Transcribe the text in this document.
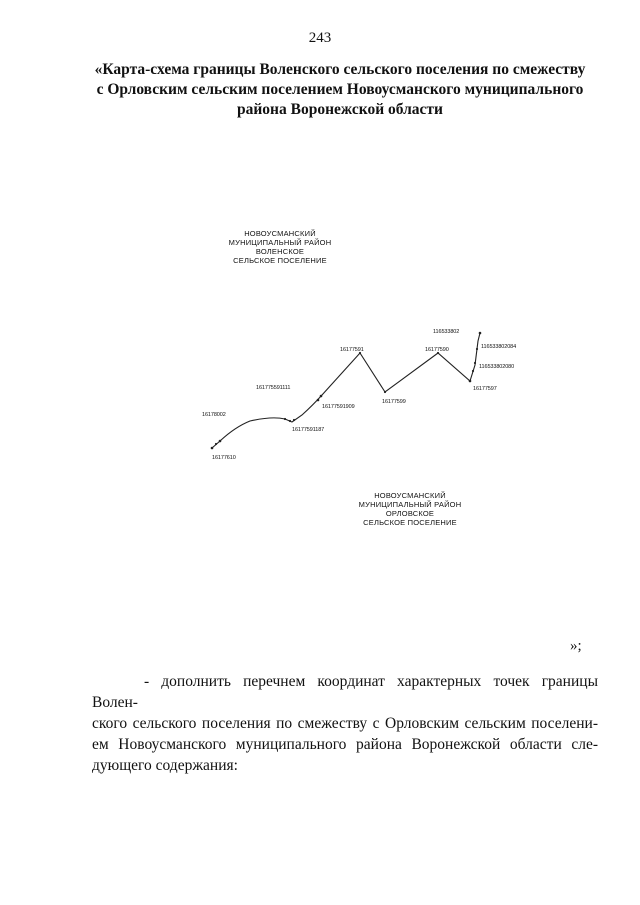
243
«Карта-схема границы Воленского сельского поселения по смежеству
с Орловским сельским поселением Новоусманского муниципального
района Воронежской области
НОВОУСМАНСКИЙ
МУНИЦИПАЛЬНЫЙ РАЙОН
ВОЛЕНСКОЕ
СЕЛЬСКОЕ ПОСЕЛЕНИЕ
16177610
16178002
161775591111
16177591187
16177591909
16177591
16177599
16177590
116533802
116533802084
116533802080
16177597
НОВОУСМАНСКИЙ
МУНИЦИПАЛЬНЫЙ РАЙОН
ОРЛОВСКОЕ
СЕЛЬСКОЕ ПОСЕЛЕНИЕ
»;
- дополнить перечнем координат характерных точек границы Волен-
ского сельского поселения по смежеству с Орловским сельским поселени-
ем Новоусманского муниципального района Воронежской области сле-
дующего содержания:
